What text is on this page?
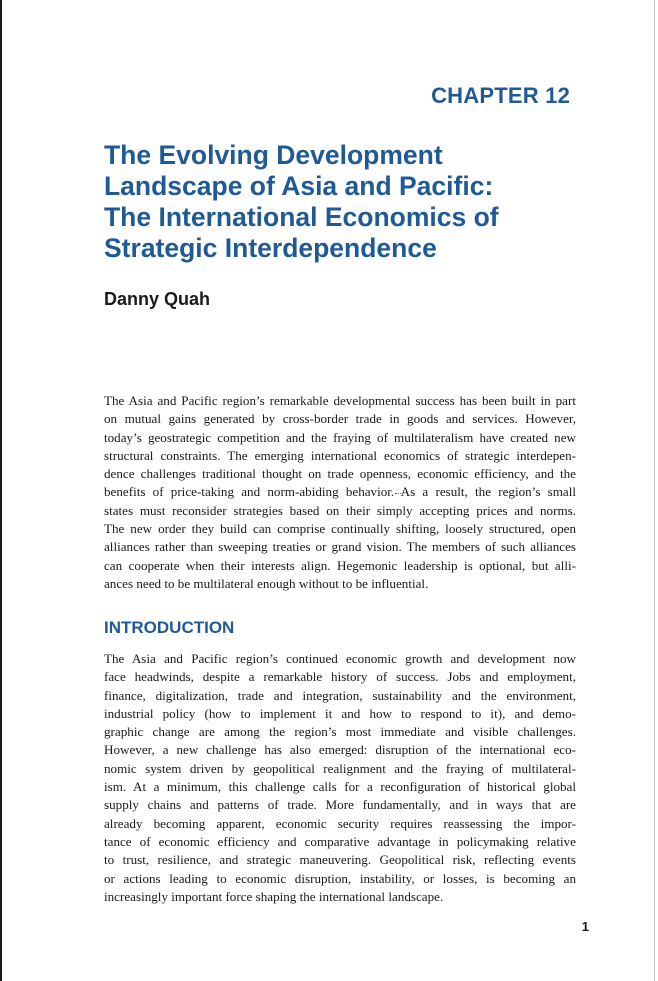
CHAPTER 12
The Evolving Development
Landscape of Asia and Pacific:
The International Economics of
Strategic Interdependence
Danny Quah
The Asia and Pacific region’s remarkable developmental success has been built in part
on mutual gains generated by cross-border trade in goods and services. However,
today’s geostrategic competition and the fraying of multilateralism have created new
structural constraints. The emerging international economics of strategic interdepen-
dence challenges traditional thought on trade openness, economic efficiency, and the
benefits of price-taking and norm-abiding behavior. As a result, the region’s small
states must reconsider strategies based on their simply accepting prices and norms.
The new order they build can comprise continually shifting, loosely structured, open
alliances rather than sweeping treaties or grand vision. The members of such alliances
can cooperate when their interests align. Hegemonic leadership is optional, but alli-
ances need to be multilateral enough without to be influential.
INTRODUCTION
The Asia and Pacific region’s continued economic growth and development now
face headwinds, despite a remarkable history of success. Jobs and employment,
finance, digitalization, trade and integration, sustainability and the environment,
industrial policy (how to implement it and how to respond to it), and demo-
graphic change are among the region’s most immediate and visible challenges.
However, a new challenge has also emerged: disruption of the international eco-
nomic system driven by geopolitical realignment and the fraying of multilateral-
ism. At a minimum, this challenge calls for a reconfiguration of historical global
supply chains and patterns of trade. More fundamentally, and in ways that are
already becoming apparent, economic security requires reassessing the impor-
tance of economic efficiency and comparative advantage in policymaking relative
to trust, resilience, and strategic maneuvering. Geopolitical risk, reflecting events
or actions leading to economic disruption, instability, or losses, is becoming an
increasingly important force shaping the international landscape.
1
